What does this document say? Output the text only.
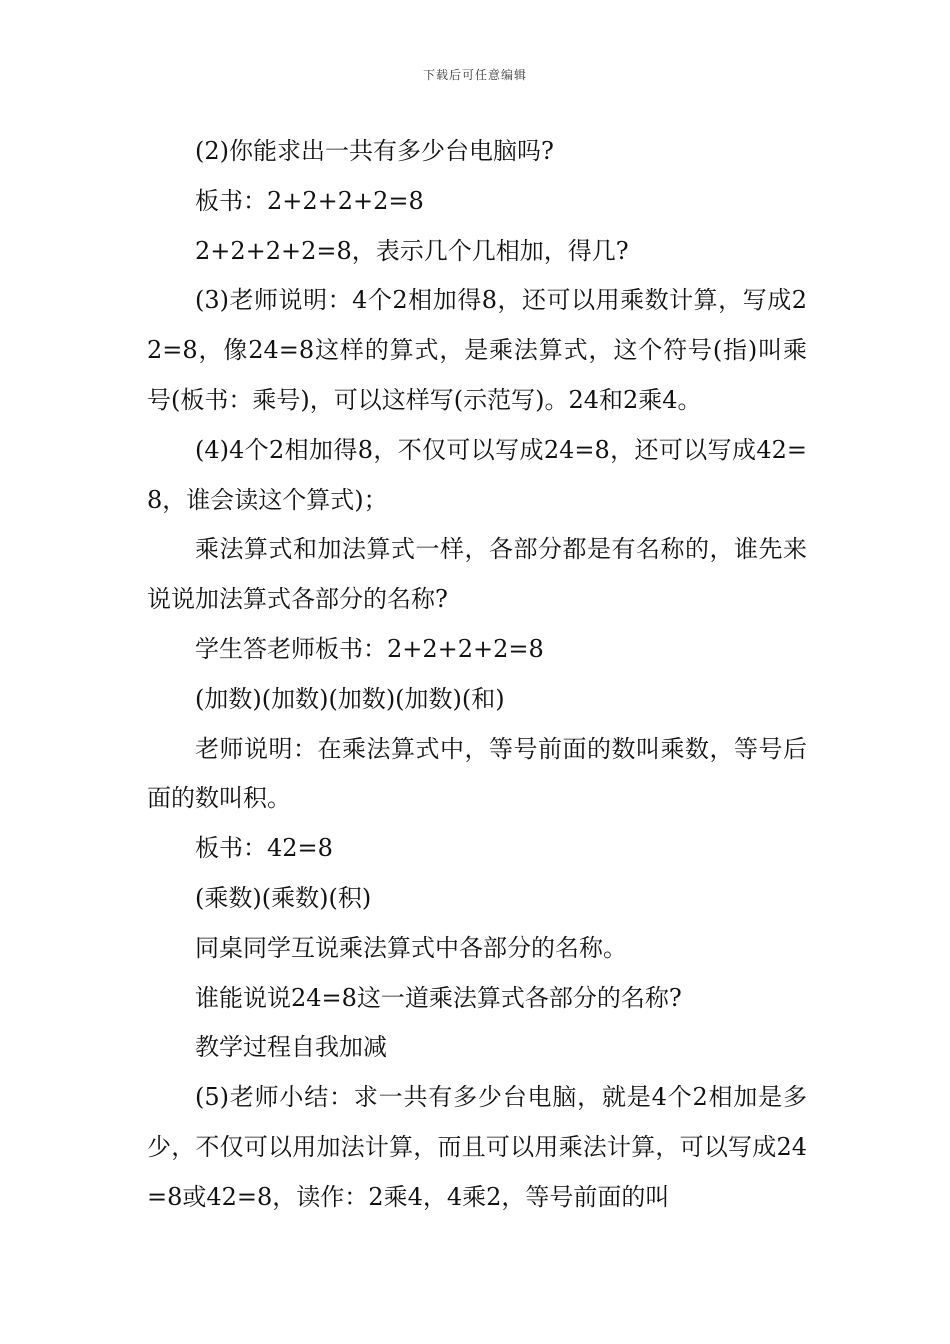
下载后可任意编辑

(2)你能求出一共有多少台电脑吗?

板书：2+2+2+2=8

2+2+2+2=8，表示几个几相加，得几?

(3)老师说明：4个2相加得8，还可以用乘数计算，写成22=8，像24=8这样的算式，是乘法算式，这个符号(指)叫乘号(板书：乘号)，可以这样写(示范写)。24和2乘4。

(4)4个2相加得8，不仅可以写成24=8，还可以写成42=8，谁会读这个算式)；

乘法算式和加法算式一样，各部分都是有名称的，谁先来说说加法算式各部分的名称?

学生答老师板书：2+2+2+2=8

(加数)(加数)(加数)(加数)(和)

老师说明：在乘法算式中，等号前面的数叫乘数，等号后面的数叫积。

板书：42=8

(乘数)(乘数)(积)

同桌同学互说乘法算式中各部分的名称。

谁能说说24=8这一道乘法算式各部分的名称?

教学过程自我加减

(5)老师小结：求一共有多少台电脑，就是4个2相加是多少，不仅可以用加法计算，而且可以用乘法计算，可以写成24=8或42=8，读作：2乘4，4乘2，等号前面的叫
